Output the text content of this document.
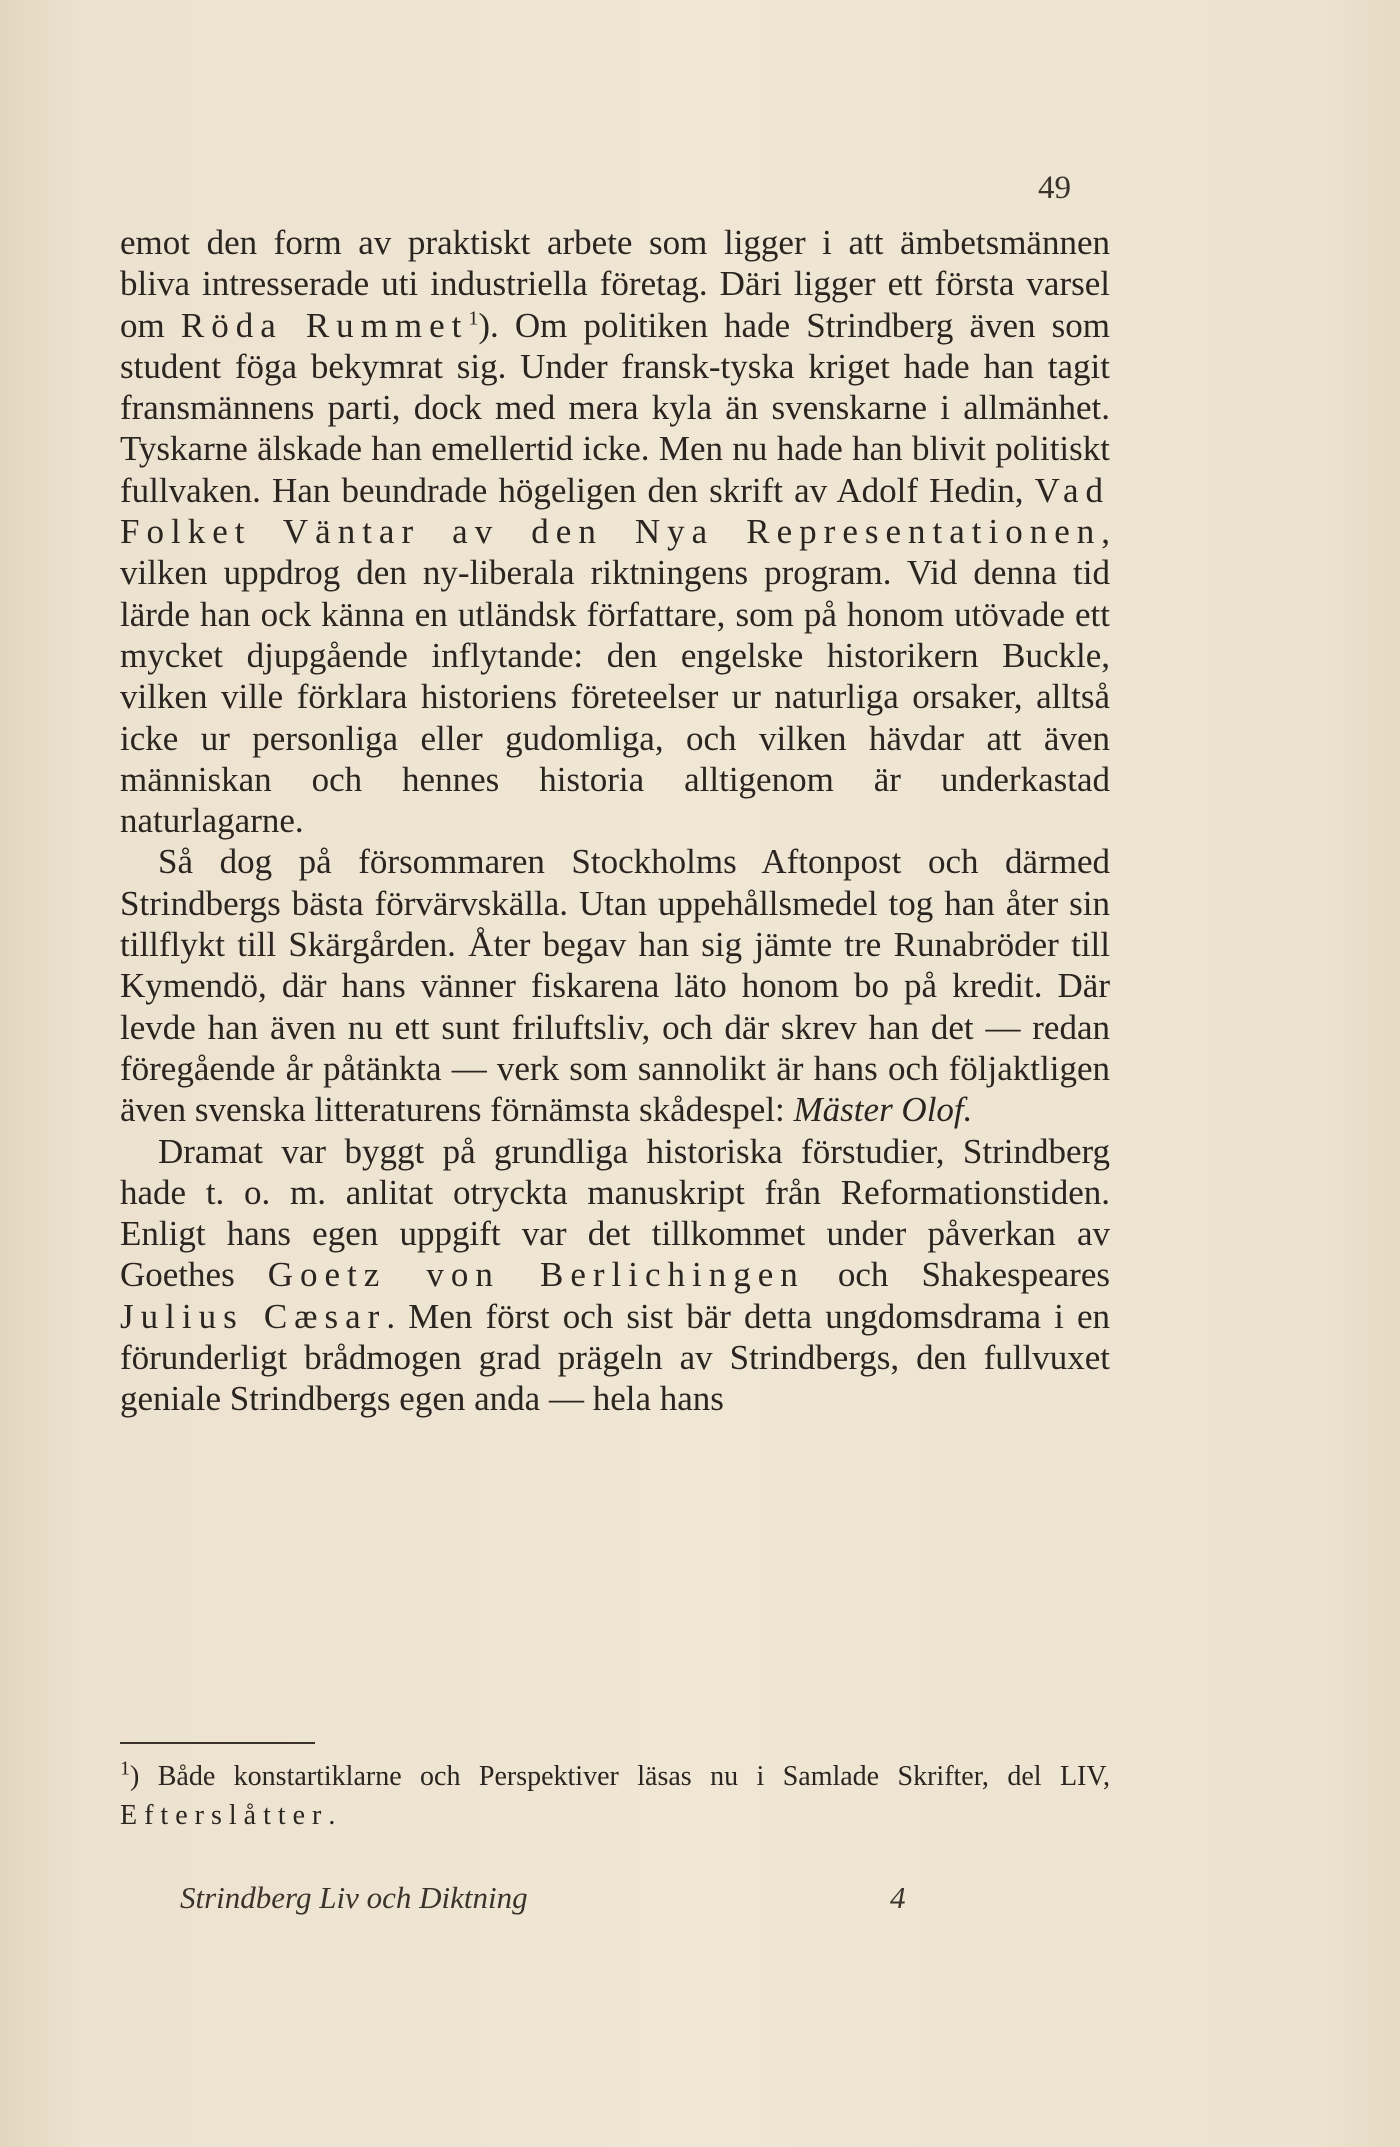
49

emot den form av praktiskt arbete som ligger i att ämbetsmännen bliva intresserade uti industriella företag. Däri ligger ett första varsel om Röda Rummet$^1$). Om politiken hade Strindberg även som student föga bekymrat sig. Under fransk-tyska kriget hade han tagit fransmännens parti, dock med mera kyla än svenskarne i allmänhet. Tyskarne älskade han emellertid icke. Men nu hade han blivit politiskt fullvaken. Han beundrade högeligen den skrift av Adolf Hedin, Vad Folket Väntar av den Nya Representationen, vilken uppdrog den ny-liberala riktningens program. Vid denna tid lärde han ock känna en utländsk författare, som på honom utövade ett mycket djupgående inflytande: den engelske historikern Buckle, vilken ville förklara historiens företeelser ur naturliga orsaker, alltså icke ur personliga eller gudomliga, och vilken hävdar att även människan och hennes historia alltigenom är underkastad naturlagarne.

Så dog på försommaren Stockholms Aftonpost och därmed Strindbergs bästa förvärvskälla. Utan uppehållsmedel tog han åter sin tillflykt till Skärgården. Åter begav han sig jämte tre Runabröder till Kymendö, där hans vänner fiskarena läto honom bo på kredit. Där levde han även nu ett sunt friluftsliv, och där skrev han det — redan föregående år påtänkta — verk som sannolikt är hans och följaktligen även svenska litteraturens förnämsta skådespel: Mäster Olof.

Dramat var byggt på grundliga historiska förstudier, Strindberg hade t. o. m. anlitat otryckta manuskript från Reformationstiden. Enligt hans egen uppgift var det tillkommet under påverkan av Goethes Goetz von Berlichingen och Shakespeares Julius Cæsar. Men först och sist bär detta ungdomsdrama i en förunderligt brådmogen grad prägeln av Strindbergs, den fullvuxet geniale Strindbergs egen anda — hela hans

$^1$) Både konstartiklarne och Perspektiver läsas nu i Samlade Skrifter, del LIV, Efterslåtter.
Strindberg Liv och Diktning	4
